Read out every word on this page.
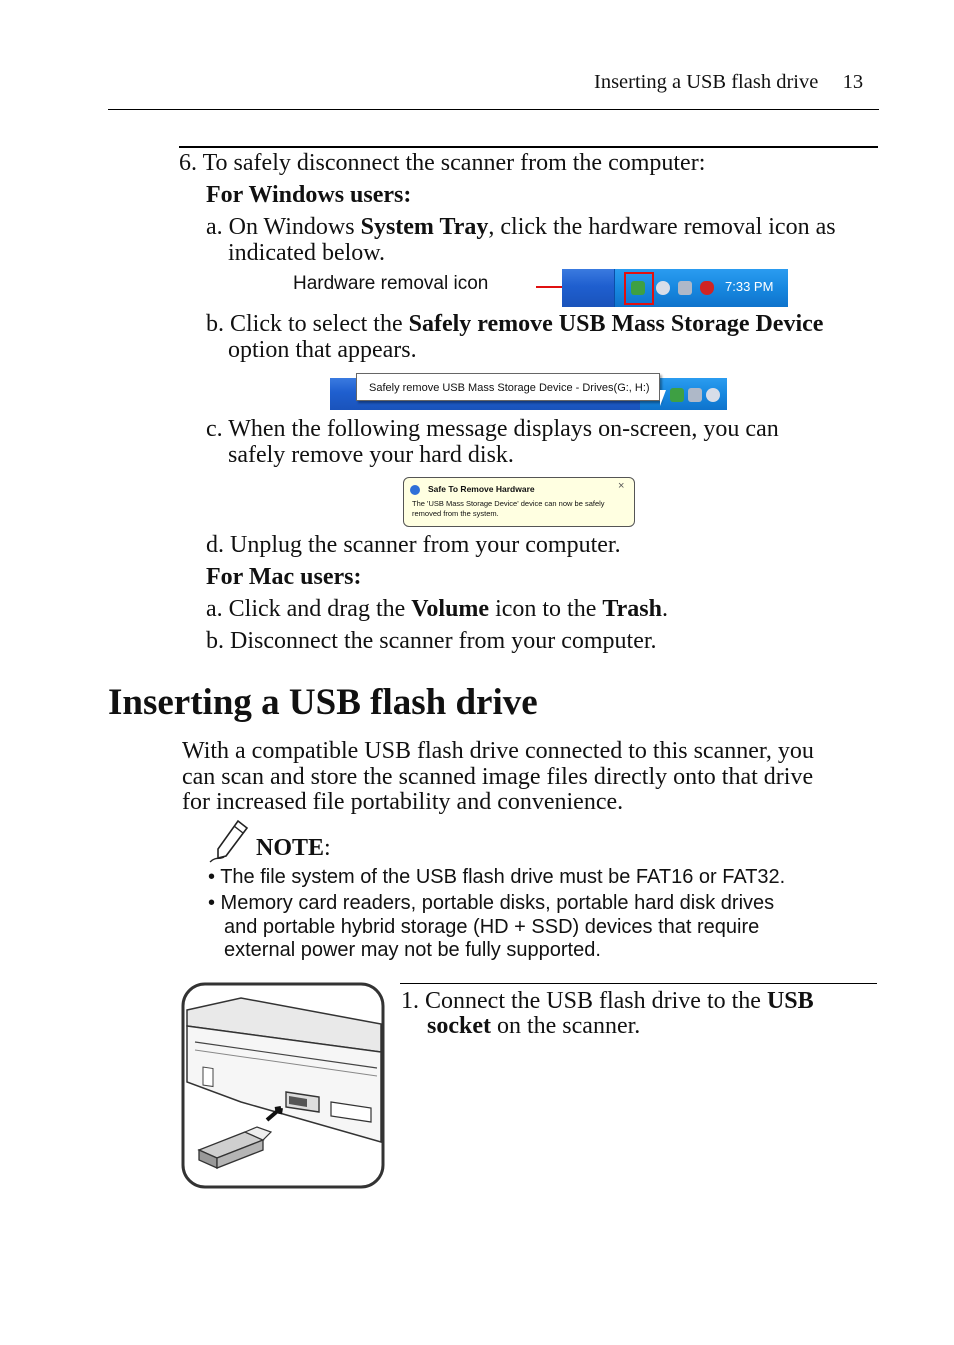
Inserting a USB flash drive 13
6. To safely disconnect the scanner from the computer:
For Windows users:
a. On Windows System Tray, click the hardware removal icon as
indicated below.
Hardware removal icon	7:33 PM
b. Click to select the Safely remove USB Mass Storage Device
option that appears.
Safely remove USB Mass Storage Device - Drives(G:, H:)
c. When the following message displays on-screen, you can
safely remove your hard disk.
Safe To Remove Hardware	×
The 'USB Mass Storage Device' device can now be safely
removed from the system.
d. Unplug the scanner from your computer.
For Mac users:
a. Click and drag the Volume icon to the Trash.
b. Disconnect the scanner from your computer.
Inserting a USB flash drive
With a compatible USB flash drive connected to this scanner, you
can scan and store the scanned image files directly onto that drive
for increased file portability and convenience.
NOTE:
• The file system of the USB flash drive must be FAT16 or FAT32.
• Memory card readers, portable disks, portable hard disk drives
and portable hybrid storage (HD + SSD) devices that require
external power may not be fully supported.
1. Connect the USB flash drive to the USB
socket on the scanner.
